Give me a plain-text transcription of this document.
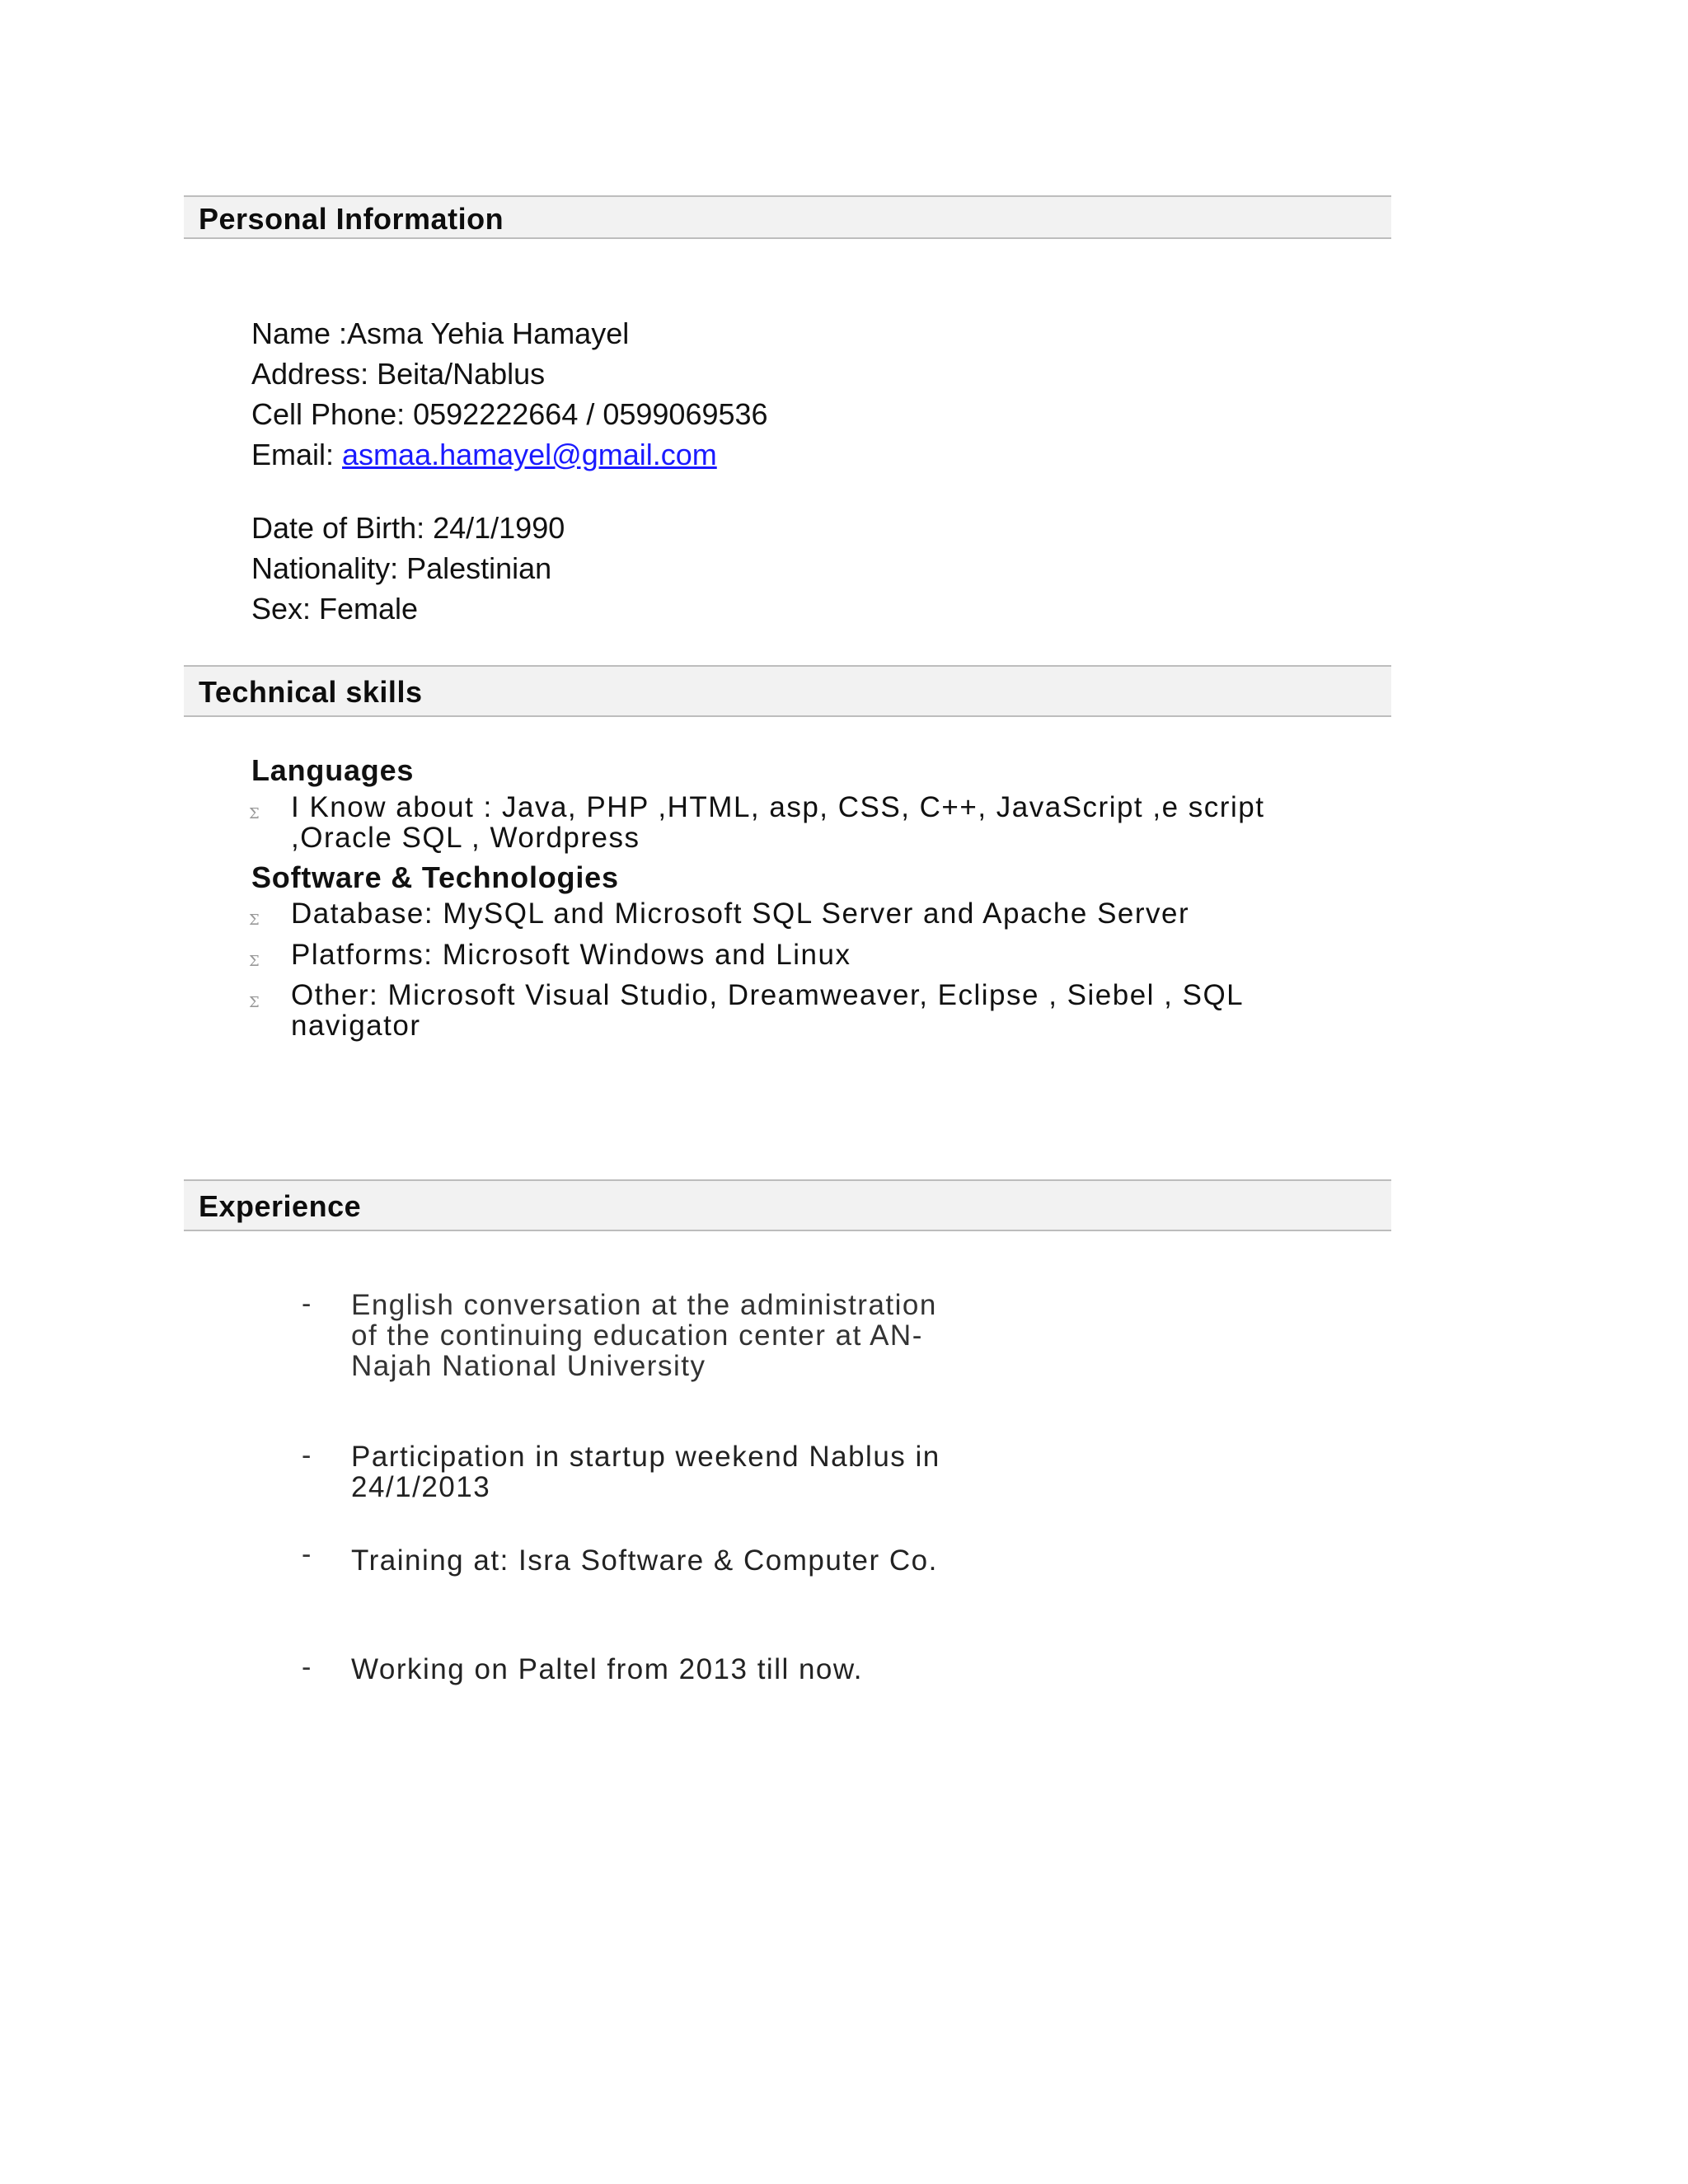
Personal Information

Name :Asma Yehia Hamayel

Address: Beita/Nablus

Cell Phone: 0592222664 / 0599069536

Email: asmaa.hamayel@gmail.com

Date of Birth: 24/1/1990

Nationality: Palestinian

Sex: Female

Technical skills
Languages
Σ I Know about : Java, PHP ,HTML, asp, CSS, C++, JavaScript ,e script ,Oracle SQL , Wordpress

Software & Technologies
Σ Database: MySQL and Microsoft SQL Server and Apache Server

Σ Platforms: Microsoft Windows and Linux

Σ Other: Microsoft Visual Studio, Dreamweaver, Eclipse , Siebel , SQL navigator

Experience
- English conversation at the administration of the continuing education center at AN-Najah National University

- Participation in startup weekend Nablus in 24/1/2013

- Training at: Isra Software & Computer Co.

- Working on Paltel from 2013 till now.
